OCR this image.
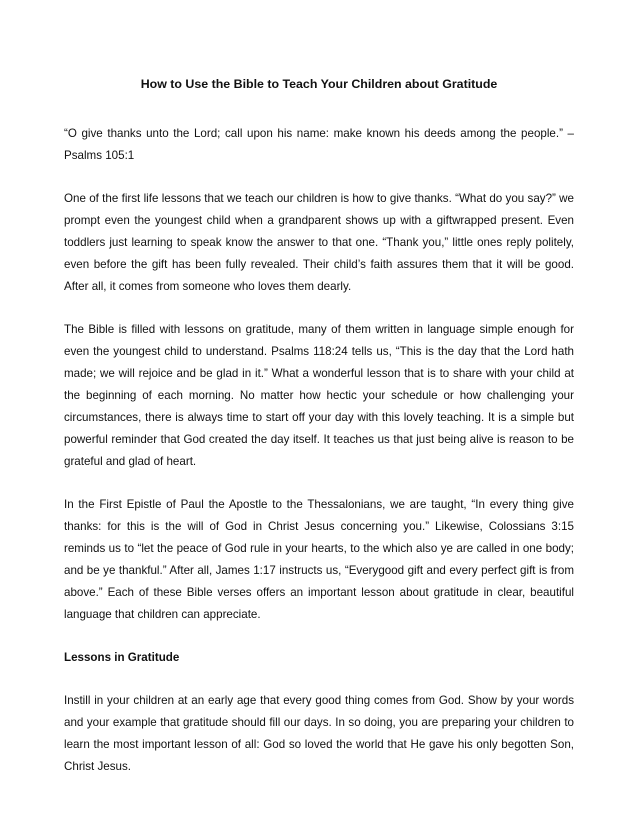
How to Use the Bible to Teach Your Children about Gratitude

“O give thanks unto the Lord; call upon his name: make known his deeds among the people.” – Psalms 105:1

One of the first life lessons that we teach our children is how to give thanks. “What do you say?” we prompt even the youngest child when a grandparent shows up with a giftwrapped present. Even toddlers just learning to speak know the answer to that one. “Thank you,” little ones reply politely, even before the gift has been fully revealed. Their child’s faith assures them that it will be good. After all, it comes from someone who loves them dearly.

The Bible is filled with lessons on gratitude, many of them written in language simple enough for even the youngest child to understand. Psalms 118:24 tells us, “This is the day that the Lord hath made; we will rejoice and be glad in it.” What a wonderful lesson that is to share with your child at the beginning of each morning. No matter how hectic your schedule or how challenging your circumstances, there is always time to start off your day with this lovely teaching. It is a simple but powerful reminder that God created the day itself. It teaches us that just being alive is reason to be grateful and glad of heart.

In the First Epistle of Paul the Apostle to the Thessalonians, we are taught, “In every thing give thanks: for this is the will of God in Christ Jesus concerning you.” Likewise, Colossians 3:15 reminds us to “let the peace of God rule in your hearts, to the which also ye are called in one body; and be ye thankful.” After all, James 1:17 instructs us, “Everygood gift and every perfect gift is from above.” Each of these Bible verses offers an important lesson about gratitude in clear, beautiful language that children can appreciate.

Lessons in Gratitude

Instill in your children at an early age that every good thing comes from God. Show by your words and your example that gratitude should fill our days. In so doing, you are preparing your children to learn the most important lesson of all: God so loved the world that He gave his only begotten Son, Christ Jesus.
